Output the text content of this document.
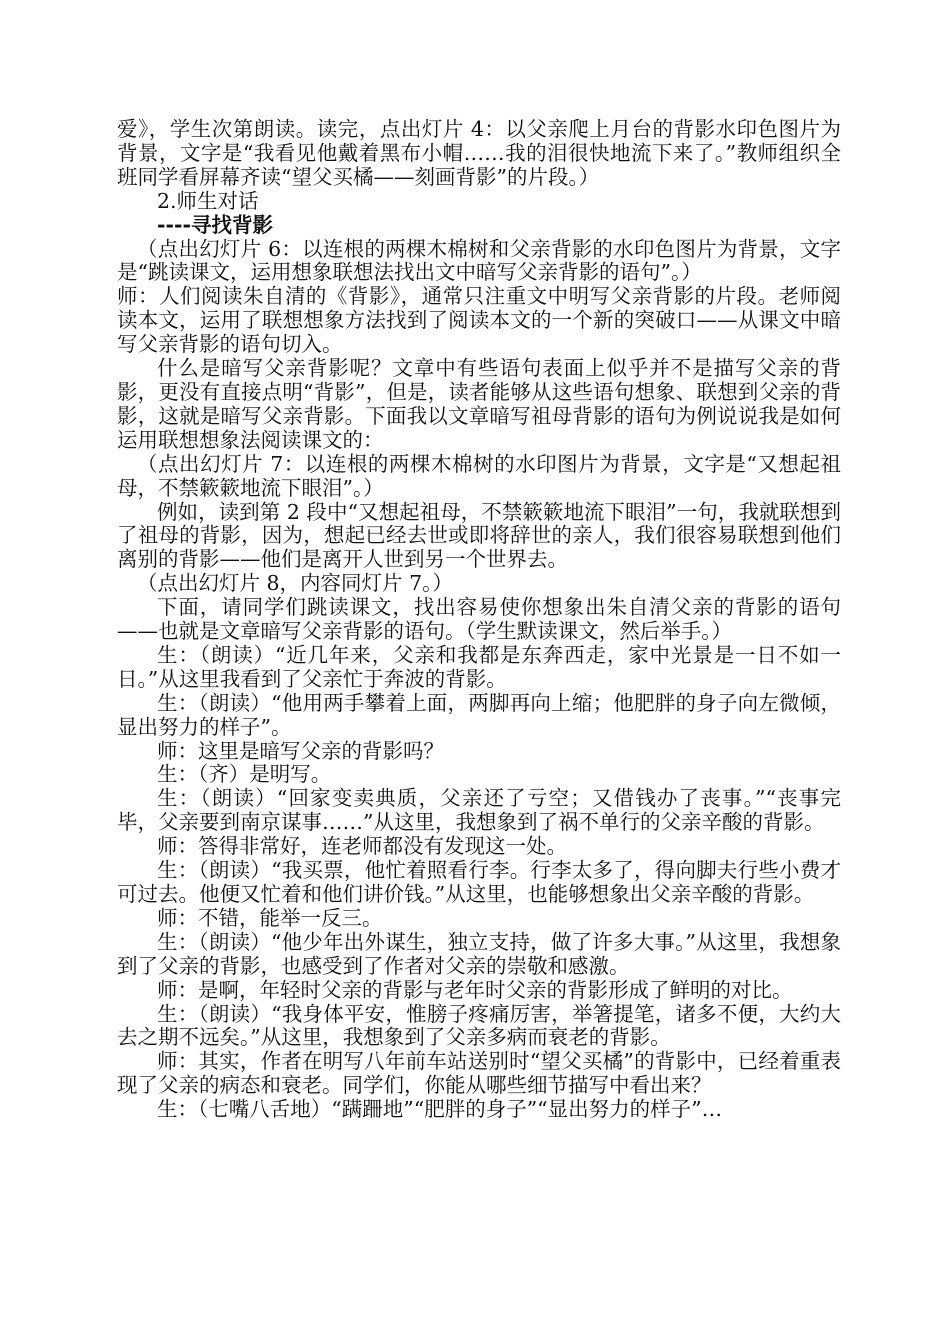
爱》，学生次第朗读。读完，点出灯片 4：以父亲爬上月台的背影水印色图片为背景，文字是“我看见他戴着黑布小帽……我的泪很快地流下来了。”教师组织全班同学看屏幕齐读“望父买橘——刻画背影”的片段。）

2.师生对话

----寻找背影

（点出幻灯片 6：以连根的两棵木棉树和父亲背影的水印色图片为背景，文字是“跳读课文，运用想象联想法找出文中暗写父亲背影的语句”。）

师：人们阅读朱自清的《背影》，通常只注重文中明写父亲背影的片段。老师阅读本文，运用了联想想象方法找到了阅读本文的一个新的突破口——从课文中暗写父亲背影的语句切入。

什么是暗写父亲背影呢？文章中有些语句表面上似乎并不是描写父亲的背影，更没有直接点明“背影”，但是，读者能够从这些语句想象、联想到父亲的背影，这就是暗写父亲背影。下面我以文章暗写祖母背影的语句为例说说我是如何运用联想想象法阅读课文的：

（点出幻灯片 7：以连根的两棵木棉树的水印图片为背景，文字是“又想起祖母，不禁簌簌地流下眼泪”。）

例如，读到第 2 段中“又想起祖母，不禁簌簌地流下眼泪”一句，我就联想到了祖母的背影，因为，想起已经去世或即将辞世的亲人，我们很容易联想到他们离别的背影——他们是离开人世到另一个世界去。

（点出幻灯片 8，内容同灯片 7。）

下面，请同学们跳读课文，找出容易使你想象出朱自清父亲的背影的语句——也就是文章暗写父亲背影的语句。（学生默读课文，然后举手。）

生：（朗读）“近几年来，父亲和我都是东奔西走，家中光景是一日不如一日。”从这里我看到了父亲忙于奔波的背影。

生：（朗读）“他用两手攀着上面，两脚再向上缩；他肥胖的身子向左微倾，显出努力的样子”。

师：这里是暗写父亲的背影吗？

生：（齐）是明写。

生：（朗读）“回家变卖典质，父亲还了亏空；又借钱办了丧事。”“丧事完毕，父亲要到南京谋事……”从这里，我想象到了祸不单行的父亲辛酸的背影。

师：答得非常好，连老师都没有发现这一处。

生：（朗读）“我买票，他忙着照看行李。行李太多了，得向脚夫行些小费才可过去。他便又忙着和他们讲价钱。”从这里，也能够想象出父亲辛酸的背影。

师：不错，能举一反三。

生：（朗读）“他少年出外谋生，独立支持，做了许多大事。”从这里，我想象到了父亲的背影，也感受到了作者对父亲的崇敬和感激。

师：是啊，年轻时父亲的背影与老年时父亲的背影形成了鲜明的对比。

生：（朗读）“我身体平安，惟膀子疼痛厉害，举箸提笔，诸多不便，大约大去之期不远矣。”从这里，我想象到了父亲多病而衰老的背影。

师：其实，作者在明写八年前车站送别时“望父买橘”的背影中，已经着重表现了父亲的病态和衰老。同学们，你能从哪些细节描写中看出来？

生：（七嘴八舌地）“蹒跚地”“肥胖的身子”“显出努力的样子”…
